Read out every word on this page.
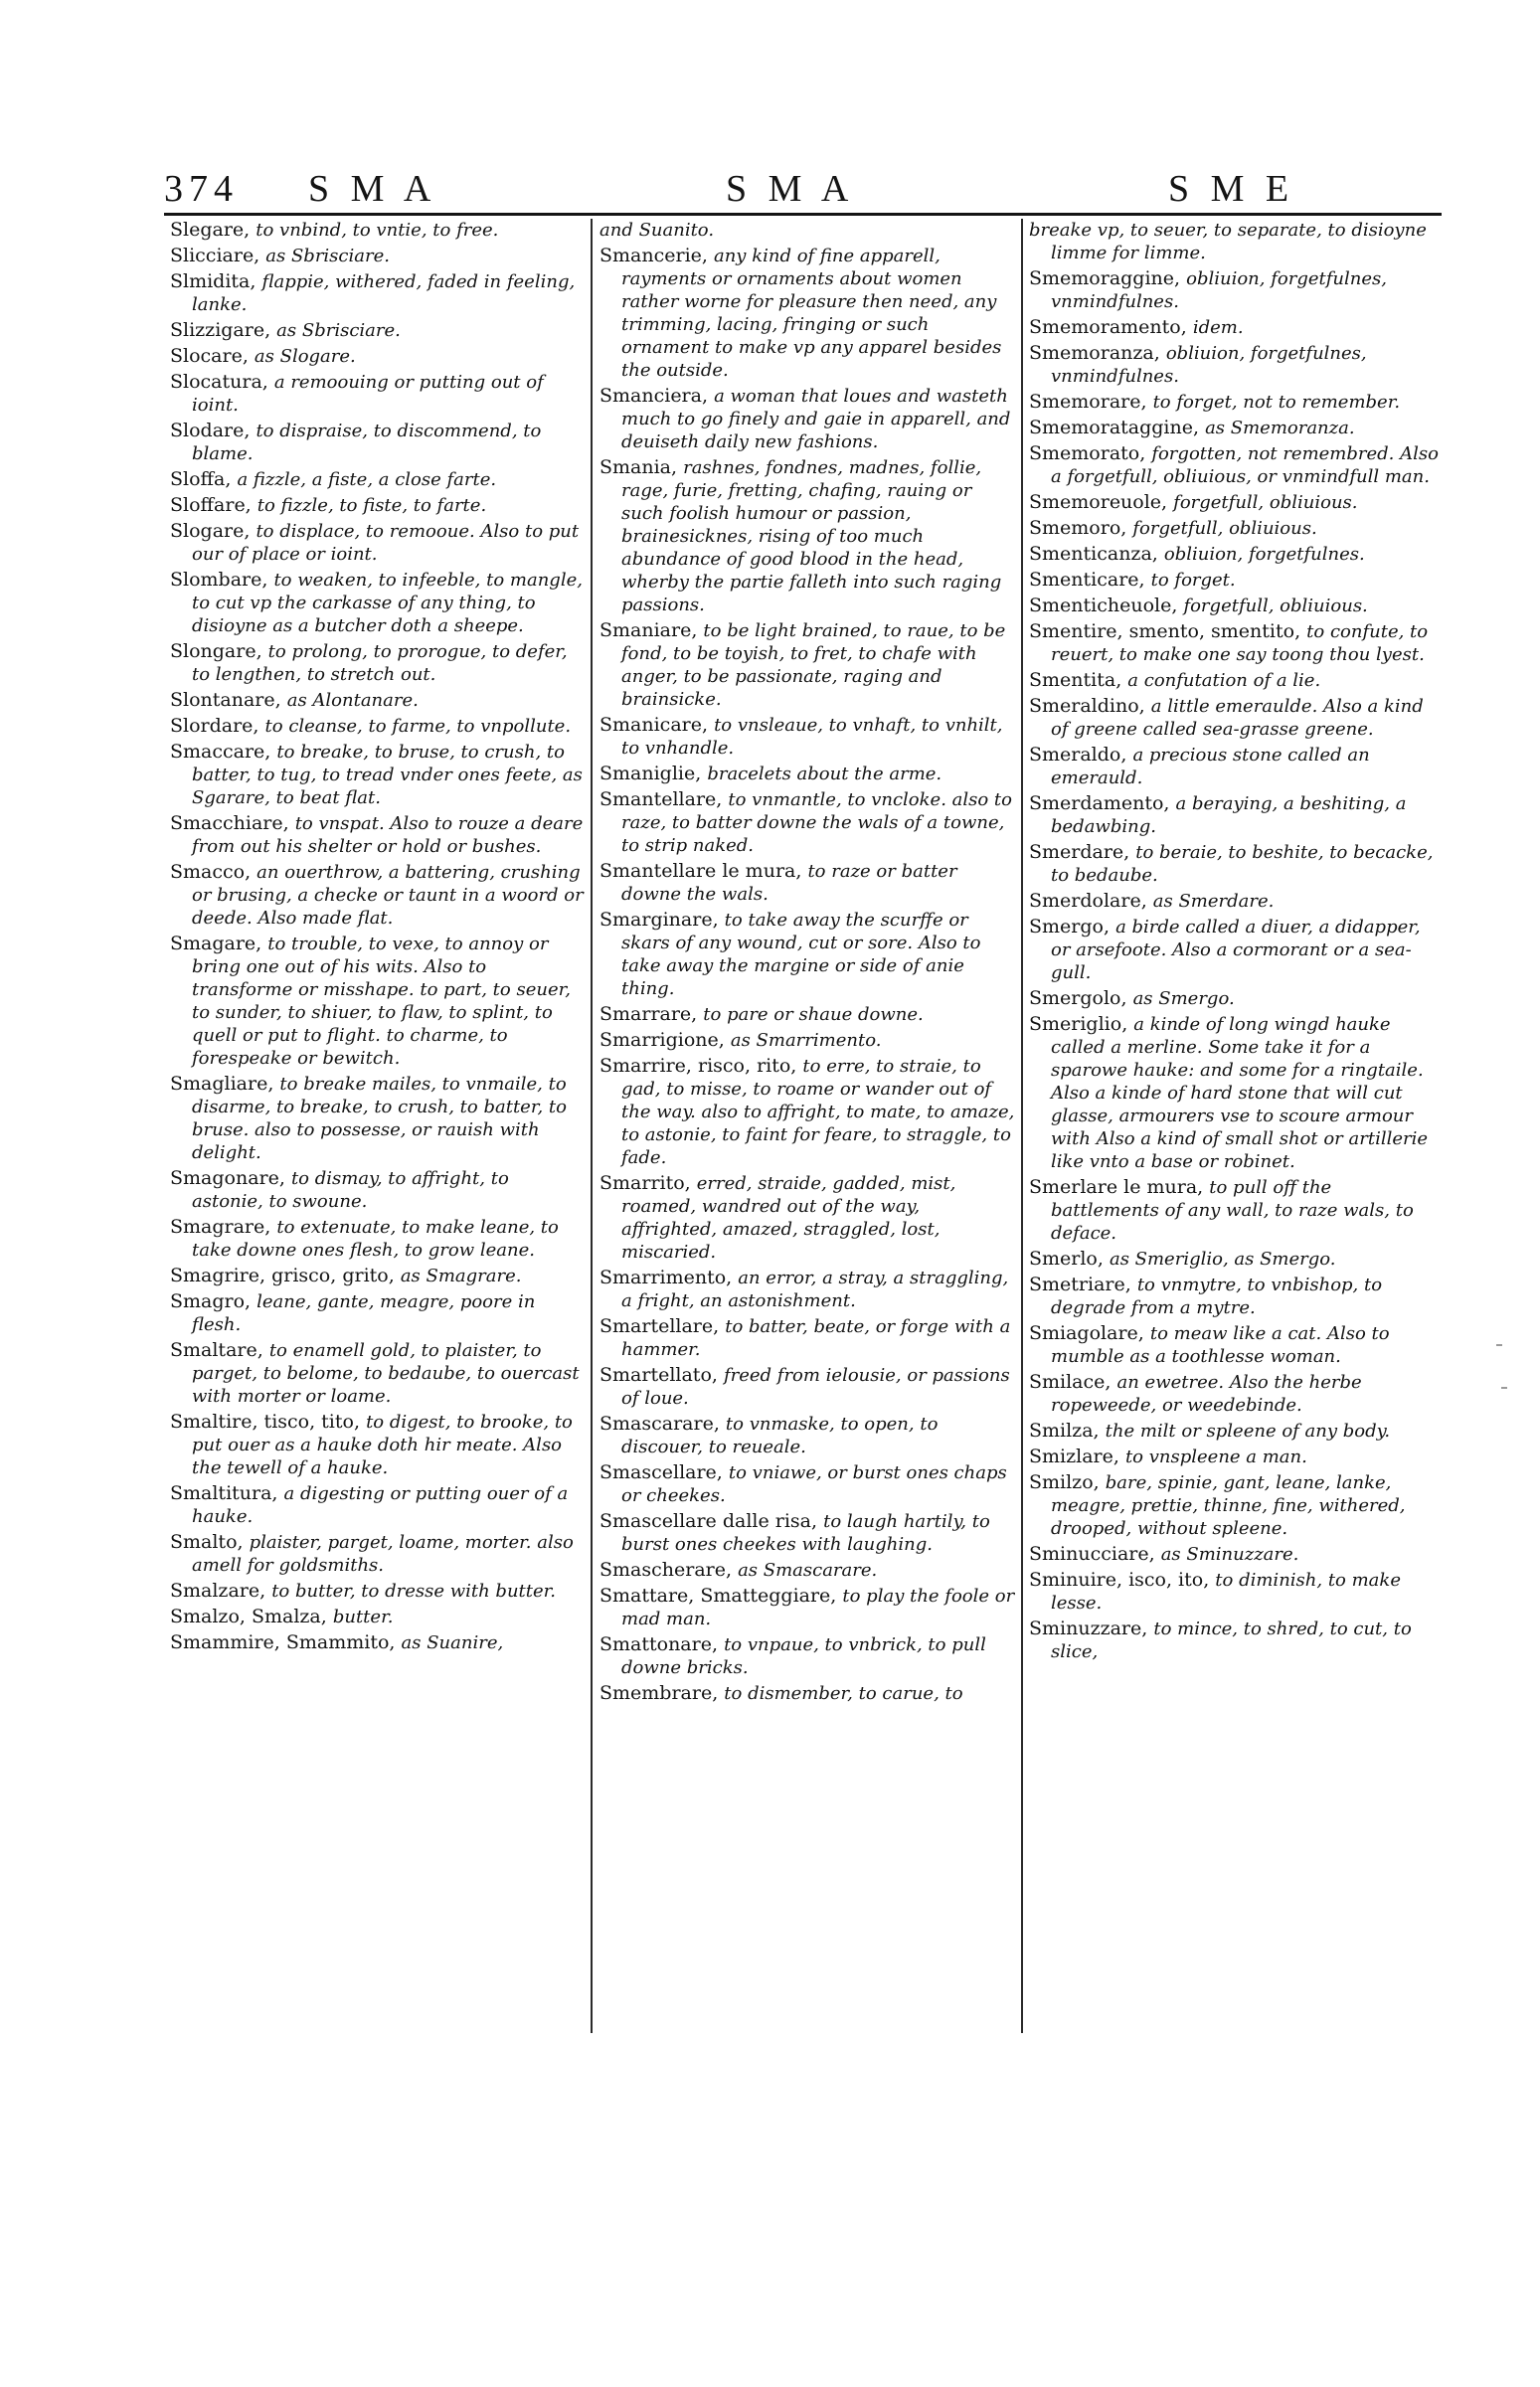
374 S M A	S M A	S M E

Slegare, to vnbind, to vntie, to free.

Slicciare, as Sbrisciare.

Slmidita, flappie, withered, faded in feeling, lanke.

Slizzigare, as Sbrisciare.

Slocare, as Slogare.

Slocatura, a remoouing or putting out of ioint.

Slodare, to dispraise, to discommend, to blame.

Sloffa, a fizzle, a fiste, a close farte.

Sloffare, to fizzle, to fiste, to farte.

Slogare, to displace, to remooue. Also to put our of place or ioint.

Slombare, to weaken, to infeeble, to mangle, to cut vp the carkasse of any thing, to disioyne as a butcher doth a sheepe.

Slongare, to prolong, to prorogue, to defer, to lengthen, to stretch out.

Slontanare, as Alontanare.

Slordare, to cleanse, to farme, to vnpollute.

Smaccare, to breake, to bruse, to crush, to batter, to tug, to tread vnder ones feete, as Sgarare, to beat flat.

Smacchiare, to vnspat. Also to rouze a deare from out his shelter or hold or bushes.

Smacco, an ouerthrow, a battering, crushing or brusing, a checke or taunt in a woord or deede. Also made flat.

Smagare, to trouble, to vexe, to annoy or bring one out of his wits. Also to transforme or misshape. to part, to seuer, to sunder, to shiuer, to flaw, to splint, to quell or put to flight. to charme, to forespeake or bewitch.

Smagliare, to breake mailes, to vnmaile, to disarme, to breake, to crush, to batter, to bruse. also to possesse, or rauish with delight.

Smagonare, to dismay, to affright, to astonie, to swoune.

Smagrare, to extenuate, to make leane, to take downe ones flesh, to grow leane.

Smagrire, grisco, grito, as Smagrare.

Smagro, leane, gante, meagre, poore in flesh.

Smaltare, to enamell gold, to plaister, to parget, to belome, to bedaube, to ouercast with morter or loame.

Smaltire, tisco, tito, to digest, to brooke, to put ouer as a hauke doth hir meate. Also the tewell of a hauke.

Smaltitura, a digesting or putting ouer of a hauke.

Smalto, plaister, parget, loame, morter. also amell for goldsmiths.

Smalzare, to butter, to dresse with butter.

Smalzo, Smalza, butter.

Smammire, Smammito, as Suanire,

and Suanito.

Smancerie, any kind of fine apparell, rayments or ornaments about women rather worne for pleasure then need, any trimming, lacing, fringing or such ornament to make vp any apparel besides the outside.

Smanciera, a woman that loues and wasteth much to go finely and gaie in apparell, and deuiseth daily new fashions.

Smania, rashnes, fondnes, madnes, follie, rage, furie, fretting, chafing, rauing or such foolish humour or passion, brainesicknes, rising of too much abundance of good blood in the head, wherby the partie falleth into such raging passions.

Smaniare, to be light brained, to raue, to be fond, to be toyish, to fret, to chafe with anger, to be passionate, raging and brainsicke.

Smanicare, to vnsleaue, to vnhaft, to vnhilt, to vnhandle.

Smaniglie, bracelets about the arme.

Smantellare, to vnmantle, to vncloke. also to raze, to batter downe the wals of a towne, to strip naked.

Smantellare le mura, to raze or batter downe the wals.

Smarginare, to take away the scurffe or skars of any wound, cut or sore. Also to take away the margine or side of anie thing.

Smarrare, to pare or shaue downe.

Smarrigione, as Smarrimento.

Smarrire, risco, rito, to erre, to straie, to gad, to misse, to roame or wander out of the way. also to affright, to mate, to amaze, to astonie, to faint for feare, to straggle, to fade.

Smarrito, erred, straide, gadded, mist, roamed, wandred out of the way, affrighted, amazed, straggled, lost, miscaried.

Smarrimento, an error, a stray, a straggling, a fright, an astonishment.

Smartellare, to batter, beate, or forge with a hammer.

Smartellato, freed from ielousie, or passions of loue.

Smascarare, to vnmaske, to open, to discouer, to reueale.

Smascellare, to vniawe, or burst ones chaps or cheekes.

Smascellare dalle risa, to laugh hartily, to burst ones cheekes with laughing.

Smascherare, as Smascarare.

Smattare, Smatteggiare, to play the foole or mad man.

Smattonare, to vnpaue, to vnbrick, to pull downe bricks.

Smembrare, to dismember, to carue, to

breake vp, to seuer, to separate, to disioyne limme for limme.

Smemoraggine, obliuion, forgetfulnes, vnmindfulnes.

Smemoramento, idem.

Smemoranza, obliuion, forgetfulnes, vnmindfulnes.

Smemorare, to forget, not to remember.

Smemorataggine, as Smemoranza.

Smemorato, forgotten, not remembred. Also a forgetfull, obliuious, or vnmindfull man.

Smemoreuole, forgetfull, obliuious.

Smemoro, forgetfull, obliuious.

Smenticanza, obliuion, forgetfulnes.

Smenticare, to forget.

Smenticheuole, forgetfull, obliuious.

Smentire, smento, smentito, to confute, to reuert, to make one say toong thou lyest.

Smentita, a confutation of a lie.

Smeraldino, a little emeraulde. Also a kind of greene called sea-grasse greene.

Smeraldo, a precious stone called an emerauld.

Smerdamento, a beraying, a beshiting, a bedawbing.

Smerdare, to beraie, to beshite, to becacke, to bedaube.

Smerdolare, as Smerdare.

Smergo, a birde called a diuer, a didapper, or arsefoote. Also a cormorant or a sea-gull.

Smergolo, as Smergo.

Smeriglio, a kinde of long wingd hauke called a merline. Some take it for a sparowe hauke: and some for a ringtaile. Also a kinde of hard stone that will cut glasse, armourers vse to scoure armour with Also a kind of small shot or artillerie like vnto a base or robinet.

Smerlare le mura, to pull off the battlements of any wall, to raze wals, to deface.

Smerlo, as Smeriglio, as Smergo.

Smetriare, to vnmytre, to vnbishop, to degrade from a mytre.

Smiagolare, to meaw like a cat. Also to mumble as a toothlesse woman.

Smilace, an ewetree. Also the herbe ropeweede, or weedebinde.

Smilza, the milt or spleene of any body.

Smizlare, to vnspleene a man.

Smilzo, bare, spinie, gant, leane, lanke, meagre, prettie, thinne, fine, withered, drooped, without spleene.

Sminucciare, as Sminuzzare.

Sminuire, isco, ito, to diminish, to make lesse.

Sminuzzare, to mince, to shred, to cut, to slice,
